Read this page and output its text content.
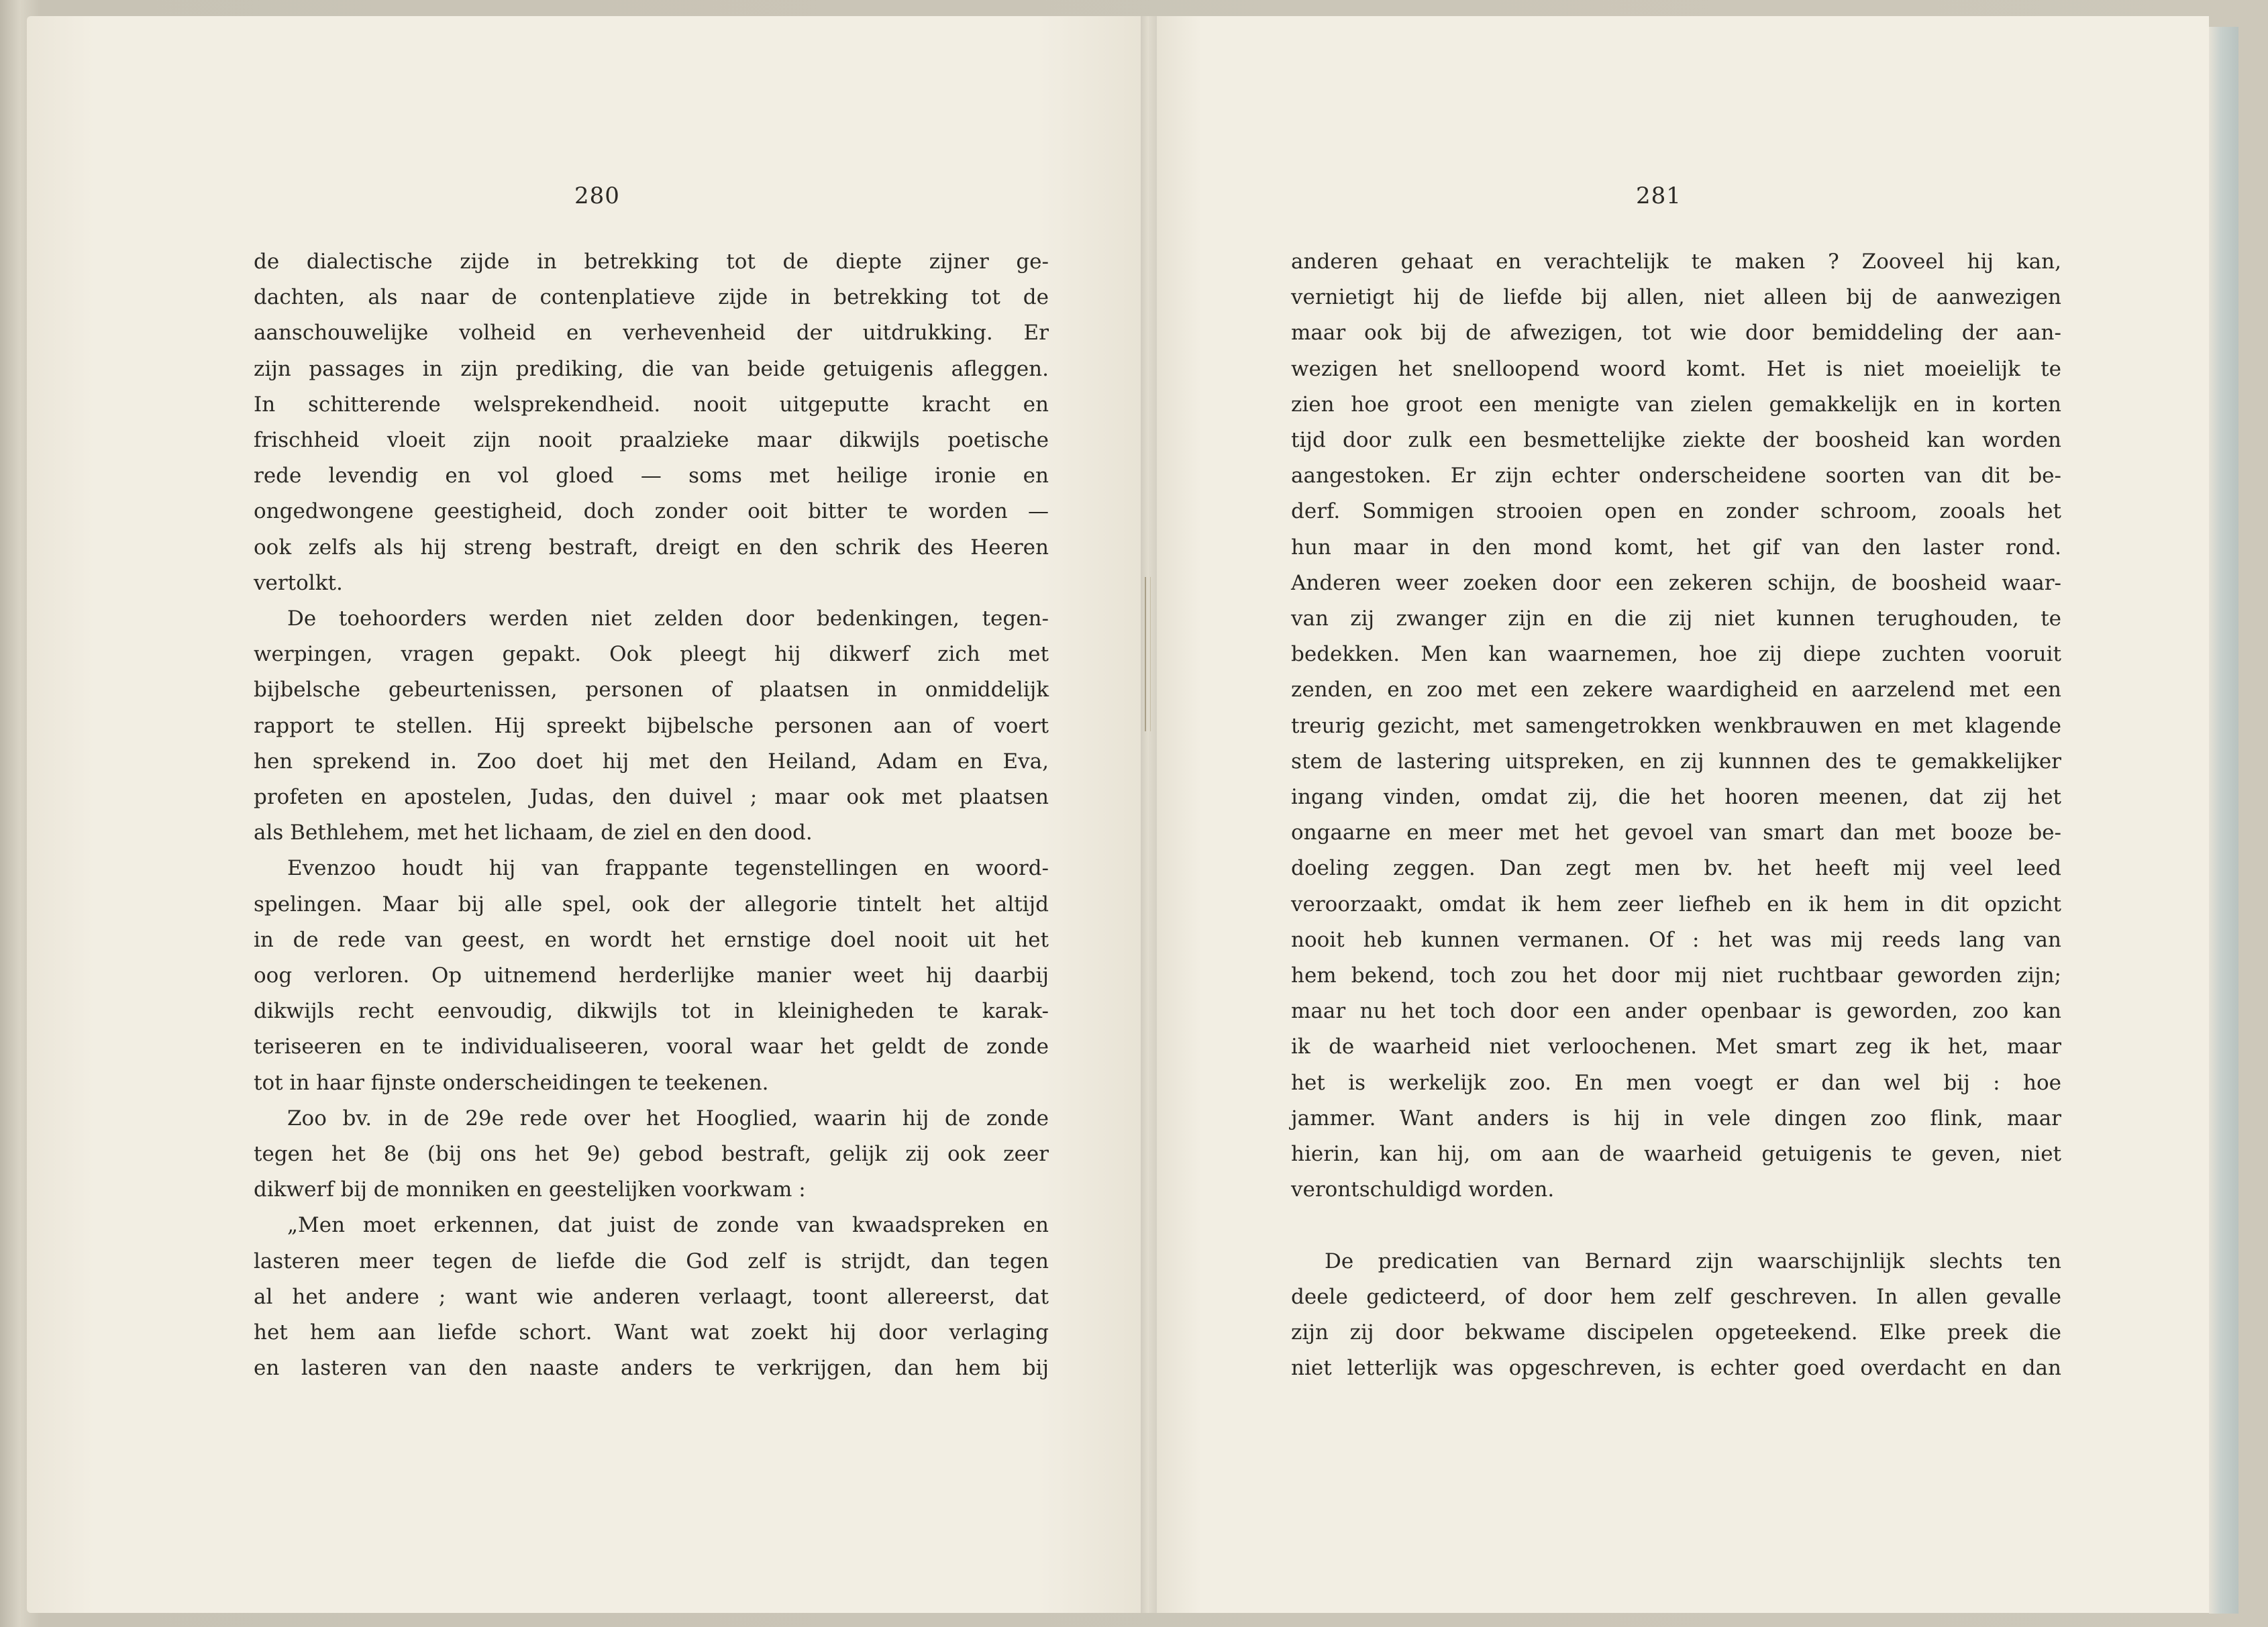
280
de dialectische zijde in betrekking tot de diepte zijner ge-
dachten, als naar de contenplatieve zijde in betrekking tot de
aanschouwelijke volheid en verhevenheid der uitdrukking. Er
zijn passages in zijn prediking, die van beide getuigenis afleggen.
In schitterende welsprekendheid. nooit uitgeputte kracht en
frischheid vloeit zijn nooit praalzieke maar dikwijls poetische
rede levendig en vol gloed — soms met heilige ironie en
ongedwongene geestigheid, doch zonder ooit bitter te worden —
ook zelfs als hij streng bestraft, dreigt en den schrik des Heeren
vertolkt.
De toehoorders werden niet zelden door bedenkingen, tegen-
werpingen, vragen gepakt. Ook pleegt hij dikwerf zich met
bijbelsche gebeurtenissen, personen of plaatsen in onmiddelijk
rapport te stellen. Hij spreekt bijbelsche personen aan of voert
hen sprekend in. Zoo doet hij met den Heiland, Adam en Eva,
profeten en apostelen, Judas, den duivel ; maar ook met plaatsen
als Bethlehem, met het lichaam, de ziel en den dood.
Evenzoo houdt hij van frappante tegenstellingen en woord-
spelingen. Maar bij alle spel, ook der allegorie tintelt het altijd
in de rede van geest, en wordt het ernstige doel nooit uit het
oog verloren. Op uitnemend herderlijke manier weet hij daarbij
dikwijls recht eenvoudig, dikwijls tot in kleinigheden te karak-
teriseeren en te individualiseeren, vooral waar het geldt de zonde
tot in haar fijnste onderscheidingen te teekenen.
Zoo bv. in de 29e rede over het Hooglied, waarin hij de zonde
tegen het 8e (bij ons het 9e) gebod bestraft, gelijk zij ook zeer
dikwerf bij de monniken en geestelijken voorkwam :
„Men moet erkennen, dat juist de zonde van kwaadspreken en
lasteren meer tegen de liefde die God zelf is strijdt, dan tegen
al het andere ; want wie anderen verlaagt, toont allereerst, dat
het hem aan liefde schort. Want wat zoekt hij door verlaging
en lasteren van den naaste anders te verkrijgen, dan hem bij
281
anderen gehaat en verachtelijk te maken ? Zooveel hij kan,
vernietigt hij de liefde bij allen, niet alleen bij de aanwezigen
maar ook bij de afwezigen, tot wie door bemiddeling der aan-
wezigen het snelloopend woord komt. Het is niet moeielijk te
zien hoe groot een menigte van zielen gemakkelijk en in korten
tijd door zulk een besmettelijke ziekte der boosheid kan worden
aangestoken. Er zijn echter onderscheidene soorten van dit be-
derf. Sommigen strooien open en zonder schroom, zooals het
hun maar in den mond komt, het gif van den laster rond.
Anderen weer zoeken door een zekeren schijn, de boosheid waar-
van zij zwanger zijn en die zij niet kunnen terughouden, te
bedekken. Men kan waarnemen, hoe zij diepe zuchten vooruit
zenden, en zoo met een zekere waardigheid en aarzelend met een
treurig gezicht, met samengetrokken wenkbrauwen en met klagende
stem de lastering uitspreken, en zij kunnnen des te gemakkelijker
ingang vinden, omdat zij, die het hooren meenen, dat zij het
ongaarne en meer met het gevoel van smart dan met booze be-
doeling zeggen. Dan zegt men bv. het heeft mij veel leed
veroorzaakt, omdat ik hem zeer liefheb en ik hem in dit opzicht
nooit heb kunnen vermanen. Of : het was mij reeds lang van
hem bekend, toch zou het door mij niet ruchtbaar geworden zijn;
maar nu het toch door een ander openbaar is geworden, zoo kan
ik de waarheid niet verloochenen. Met smart zeg ik het, maar
het is werkelijk zoo. En men voegt er dan wel bij : hoe
jammer. Want anders is hij in vele dingen zoo flink, maar
hierin, kan hij, om aan de waarheid getuigenis te geven, niet
verontschuldigd worden.
De predicatien van Bernard zijn waarschijnlijk slechts ten
deele gedicteerd, of door hem zelf geschreven. In allen gevalle
zijn zij door bekwame discipelen opgeteekend. Elke preek die
niet letterlijk was opgeschreven, is echter goed overdacht en dan
